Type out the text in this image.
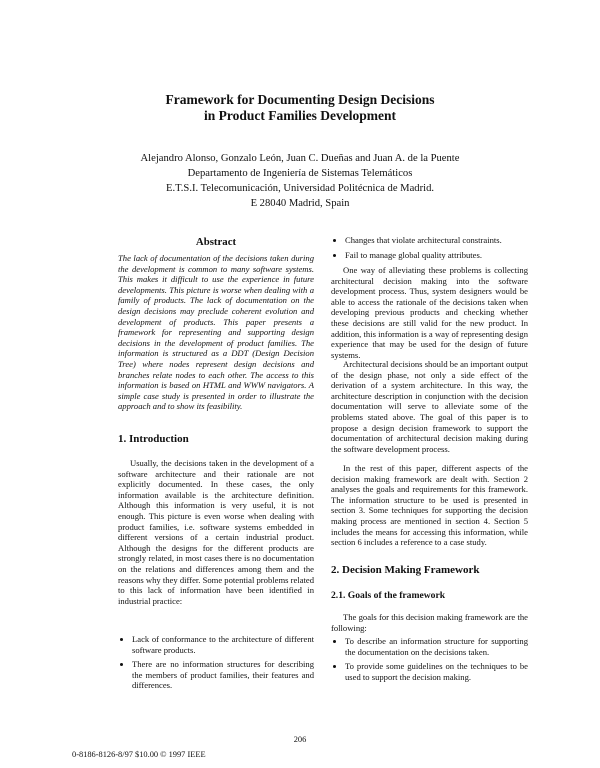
Framework for Documenting Design Decisions
in Product Families Development
Alejandro Alonso, Gonzalo León, Juan C. Dueñas and Juan A. de la Puente
Departamento de Ingeniería de Sistemas Telemáticos
E.T.S.I. Telecomunicación, Universidad Politécnica de Madrid.
E 28040 Madrid, Spain
Abstract
The lack of documentation of the decisions taken during the development is common to many software systems. This makes it difficult to use the experience in future developments. This picture is worse when dealing with a family of products. The lack of documentation on the design decisions may preclude coherent evolution and development of products. This paper presents a framework for representing and supporting design decisions in the development of product families. The information is structured as a DDT (Design Decision Tree) where nodes represent design decisions and branches relate nodes to each other. The access to this information is based on HTML and WWW navigators. A simple case study is presented in order to illustrate the approach and to show its feasibility.
1. Introduction

Usually, the decisions taken in the development of a software architecture and their rationale are not explicitly documented. In these cases, the only information available is the architecture definition. Although this information is very useful, it is not enough. This picture is even worse when dealing with product families, i.e. software systems embedded in different versions of a certain industrial product. Although the designs for the different products are strongly related, in most cases there is no documentation on the relations and differences among them and the reasons why they differ. Some potential problems related to this lack of information have been identified in industrial practice:

• Lack of conformance to the architecture of different software products.
• There are no information structures for describing the members of product families, their features and differences.
• Changes that violate architectural constraints.
• Fail to manage global quality attributes.

One way of alleviating these problems is collecting architectural decision making into the software development process. Thus, system designers would be able to access the rationale of the decisions taken when developing previous products and checking whether these decisions are still valid for the new product. In addition, this information is a way of representing design experience that may be used for the design of future systems.

Architectural decisions should be an important output of the design phase, not only a side effect of the derivation of a system architecture. In this way, the architecture description in conjunction with the decision documentation will serve to alleviate some of the problems stated above. The goal of this paper is to propose a design decision framework to support the documentation of architectural decision making during the software development process.

In the rest of this paper, different aspects of the decision making framework are dealt with. Section 2 analyses the goals and requirements for this framework. The information structure to be used is presented in section 3. Some techniques for supporting the decision making process are mentioned in section 4. Section 5 includes the means for accessing this information, while section 6 includes a reference to a case study.

2. Decision Making Framework
2.1. Goals of the framework

The goals for this decision making framework are the following:

• To describe an information structure for supporting the documentation on the decisions taken.
• To provide some guidelines on the techniques to be used to support the decision making.
206
0-8186-8126-8/97 $10.00 © 1997 IEEE
